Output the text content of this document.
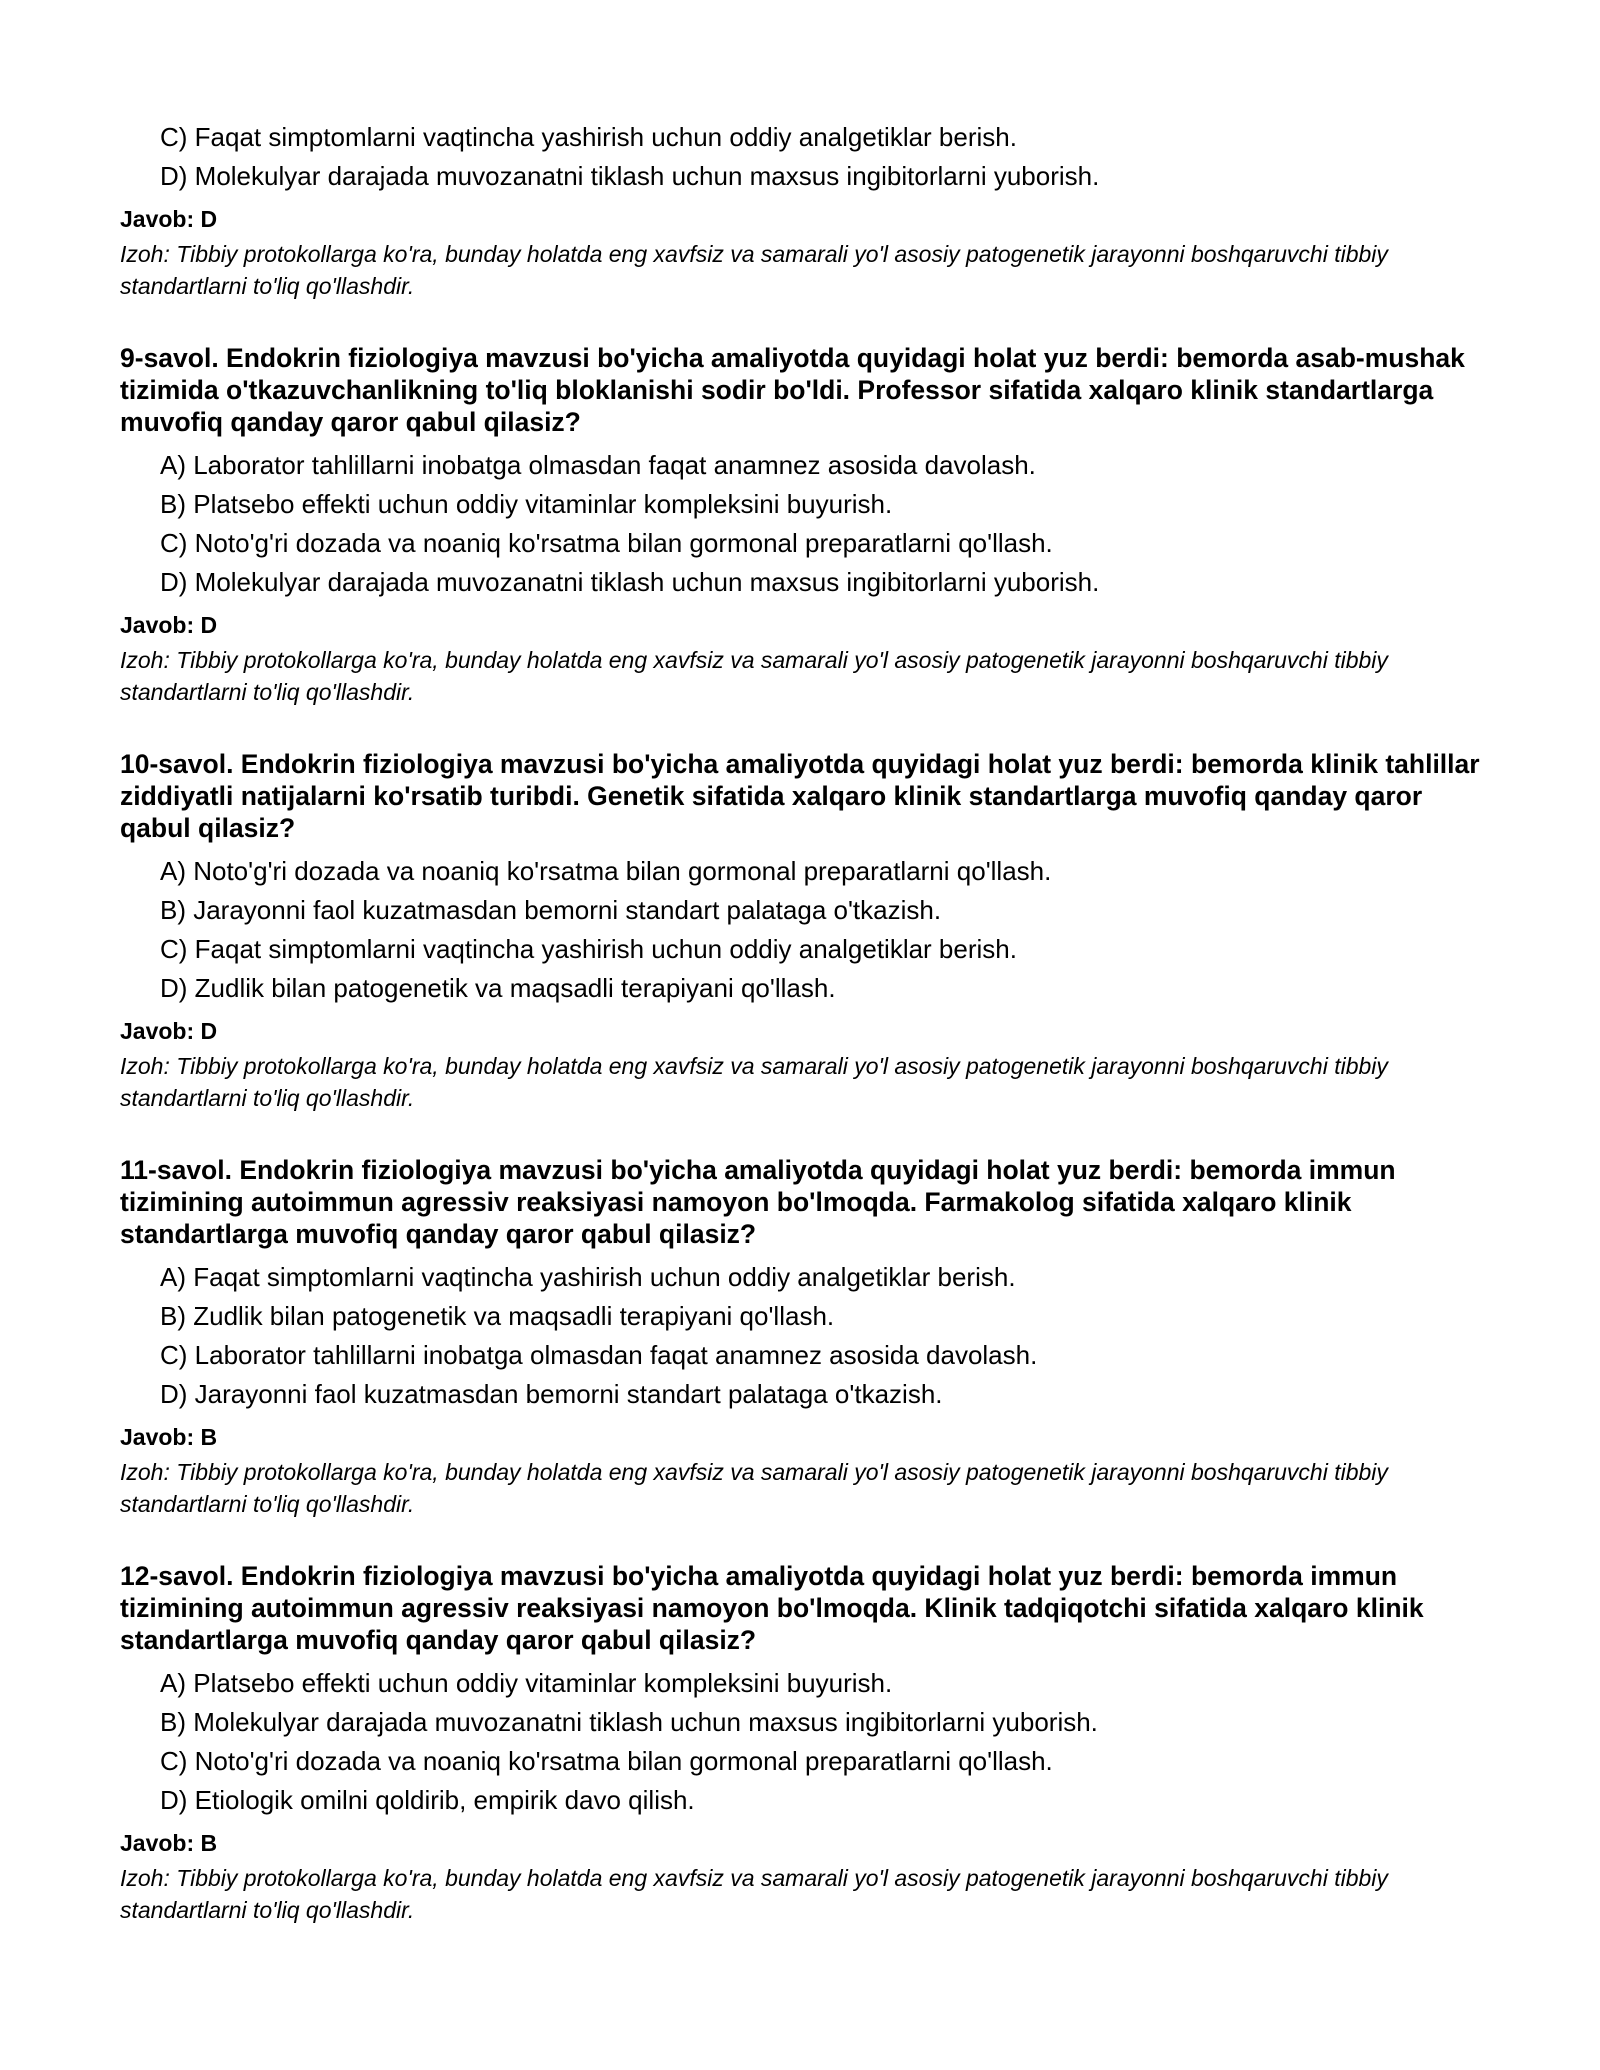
C) Faqat simptomlarni vaqtincha yashirish uchun oddiy analgetiklar berish.
D) Molekulyar darajada muvozanatni tiklash uchun maxsus ingibitorlarni yuborish.
Javob: D
Izoh: Tibbiy protokollarga ko'ra, bunday holatda eng xavfsiz va samarali yo'l asosiy patogenetik jarayonni boshqaruvchi tibbiy standartlarni to'liq qo'llashdir.
9-savol. Endokrin fiziologiya mavzusi bo'yicha amaliyotda quyidagi holat yuz berdi: bemorda asab-mushak tizimida o'tkazuvchanlikning to'liq bloklanishi sodir bo'ldi. Professor sifatida xalqaro klinik standartlarga muvofiq qanday qaror qabul qilasiz?
A) Laborator tahlillarni inobatga olmasdan faqat anamnez asosida davolash.
B) Platsebo effekti uchun oddiy vitaminlar kompleksini buyurish.
C) Noto'g'ri dozada va noaniq ko'rsatma bilan gormonal preparatlarni qo'llash.
D) Molekulyar darajada muvozanatni tiklash uchun maxsus ingibitorlarni yuborish.
Javob: D
Izoh: Tibbiy protokollarga ko'ra, bunday holatda eng xavfsiz va samarali yo'l asosiy patogenetik jarayonni boshqaruvchi tibbiy standartlarni to'liq qo'llashdir.
10-savol. Endokrin fiziologiya mavzusi bo'yicha amaliyotda quyidagi holat yuz berdi: bemorda klinik tahlillar ziddiyatli natijalarni ko'rsatib turibdi. Genetik sifatida xalqaro klinik standartlarga muvofiq qanday qaror qabul qilasiz?
A) Noto'g'ri dozada va noaniq ko'rsatma bilan gormonal preparatlarni qo'llash.
B) Jarayonni faol kuzatmasdan bemorni standart palataga o'tkazish.
C) Faqat simptomlarni vaqtincha yashirish uchun oddiy analgetiklar berish.
D) Zudlik bilan patogenetik va maqsadli terapiyani qo'llash.
Javob: D
Izoh: Tibbiy protokollarga ko'ra, bunday holatda eng xavfsiz va samarali yo'l asosiy patogenetik jarayonni boshqaruvchi tibbiy standartlarni to'liq qo'llashdir.
11-savol. Endokrin fiziologiya mavzusi bo'yicha amaliyotda quyidagi holat yuz berdi: bemorda immun tizimining autoimmun agressiv reaksiyasi namoyon bo'lmoqda. Farmakolog sifatida xalqaro klinik standartlarga muvofiq qanday qaror qabul qilasiz?
A) Faqat simptomlarni vaqtincha yashirish uchun oddiy analgetiklar berish.
B) Zudlik bilan patogenetik va maqsadli terapiyani qo'llash.
C) Laborator tahlillarni inobatga olmasdan faqat anamnez asosida davolash.
D) Jarayonni faol kuzatmasdan bemorni standart palataga o'tkazish.
Javob: B
Izoh: Tibbiy protokollarga ko'ra, bunday holatda eng xavfsiz va samarali yo'l asosiy patogenetik jarayonni boshqaruvchi tibbiy standartlarni to'liq qo'llashdir.
12-savol. Endokrin fiziologiya mavzusi bo'yicha amaliyotda quyidagi holat yuz berdi: bemorda immun tizimining autoimmun agressiv reaksiyasi namoyon bo'lmoqda. Klinik tadqiqotchi sifatida xalqaro klinik standartlarga muvofiq qanday qaror qabul qilasiz?
A) Platsebo effekti uchun oddiy vitaminlar kompleksini buyurish.
B) Molekulyar darajada muvozanatni tiklash uchun maxsus ingibitorlarni yuborish.
C) Noto'g'ri dozada va noaniq ko'rsatma bilan gormonal preparatlarni qo'llash.
D) Etiologik omilni qoldirib, empirik davo qilish.
Javob: B
Izoh: Tibbiy protokollarga ko'ra, bunday holatda eng xavfsiz va samarali yo'l asosiy patogenetik jarayonni boshqaruvchi tibbiy standartlarni to'liq qo'llashdir.
